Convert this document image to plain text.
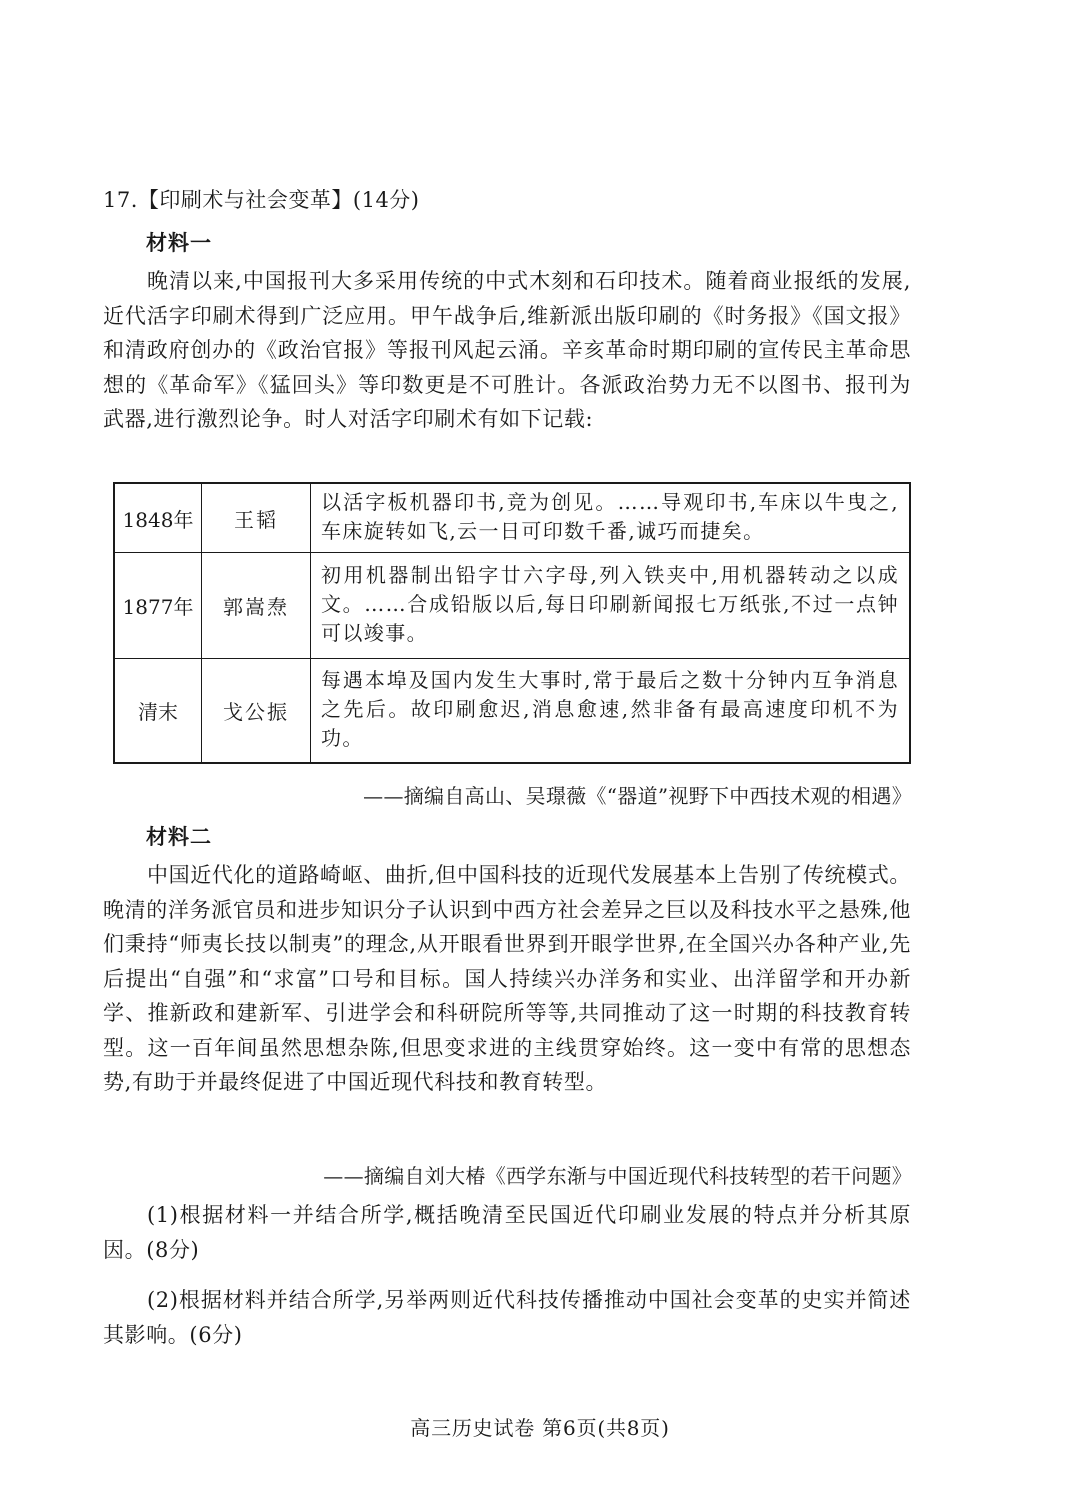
17.【印刷术与社会变革】(14分)
材料一
晚清以来,中国报刊大多采用传统的中式木刻和石印技术。随着商业报纸的发展,近代活字印刷术得到广泛应用。甲午战争后,维新派出版印刷的《时务报》《国文报》和清政府创办的《政治官报》等报刊风起云涌。辛亥革命时期印刷的宣传民主革命思想的《革命军》《猛回头》等印数更是不可胜计。各派政治势力无不以图书、报刊为武器,进行激烈论争。时人对活字印刷术有如下记载:
1848年	王韬	以活字板机器印书,竞为创见。……导观印书,车床以牛曳之,车床旋转如飞,云一日可印数千番,诚巧而捷矣。
1877年	郭嵩焘	初用机器制出铅字廿六字母,列入铁夹中,用机器转动之以成文。……合成铅版以后,每日印刷新闻报七万纸张,不过一点钟可以竣事。
清末	戈公振	每遇本埠及国内发生大事时,常于最后之数十分钟内互争消息之先后。故印刷愈迟,消息愈速,然非备有最高速度印机不为功。
——摘编自高山、吴璟薇《“器道”视野下中西技术观的相遇》
材料二
中国近代化的道路崎岖、曲折,但中国科技的近现代发展基本上告别了传统模式。晚清的洋务派官员和进步知识分子认识到中西方社会差异之巨以及科技水平之悬殊,他们秉持“师夷长技以制夷”的理念,从开眼看世界到开眼学世界,在全国兴办各种产业,先后提出“自强”和“求富”口号和目标。国人持续兴办洋务和实业、出洋留学和开办新学、推新政和建新军、引进学会和科研院所等等,共同推动了这一时期的科技教育转型。这一百年间虽然思想杂陈,但思变求进的主线贯穿始终。这一变中有常的思想态势,有助于并最终促进了中国近现代科技和教育转型。
——摘编自刘大椿《西学东渐与中国近现代科技转型的若干问题》
(1)根据材料一并结合所学,概括晚清至民国近代印刷业发展的特点并分析其原因。(8分)
(2)根据材料并结合所学,另举两则近代科技传播推动中国社会变革的史实并简述其影响。(6分)
高三历史试卷 第6页(共8页)
